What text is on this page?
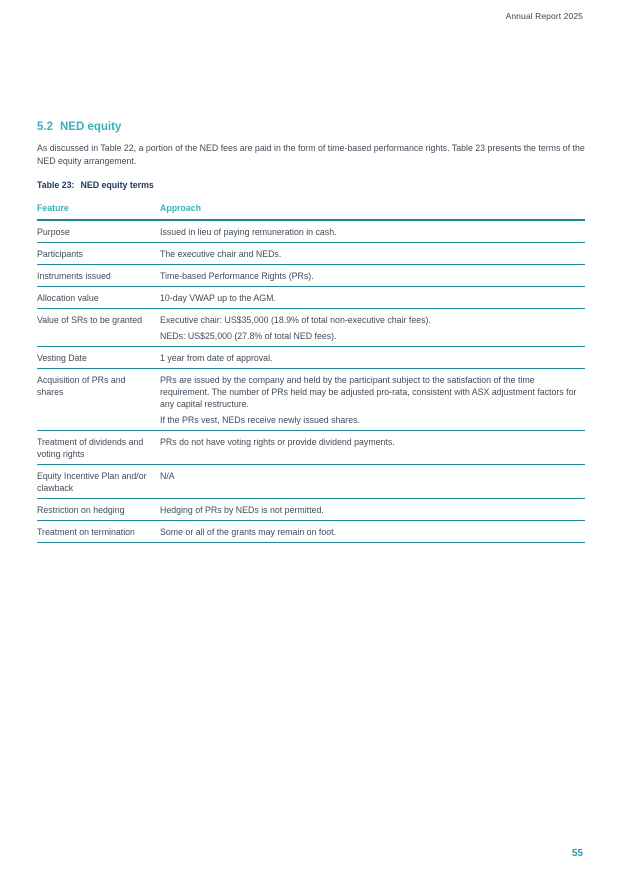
Annual Report 2025
5.2 NED equity

As discussed in Table 22, a portion of the NED fees are paid in the form of time-based performance rights. Table 23 presents the terms of the NED equity arrangement.

Table 23: NED equity terms

Feature	Approach
Purpose	Issued in lieu of paying remuneration in cash.

Participants	The executive chair and NEDs.

Instruments issued	Time-based Performance Rights (PRs).

Allocation value	10-day VWAP up to the AGM.

Value of SRs to be granted	Executive chair: US$35,000 (18.9% of total non-executive chair fees).

NEDs: US$25,000 (27.8% of total NED fees).

Vesting Date	1 year from date of approval.

Acquisition of PRs and shares	PRs are issued by the company and held by the participant subject to the satisfaction of the time requirement. The number of PRs held may be adjusted pro-rata, consistent with ASX adjustment factors for any capital restructure.

If the PRs vest, NEDs receive newly issued shares.

Treatment of dividends and voting rights	PRs do not have voting rights or provide dividend payments.

Equity Incentive Plan and/or clawback	N/A

Restriction on hedging	Hedging of PRs by NEDs is not permitted.

Treatment on termination	Some or all of the grants may remain on foot.

55
